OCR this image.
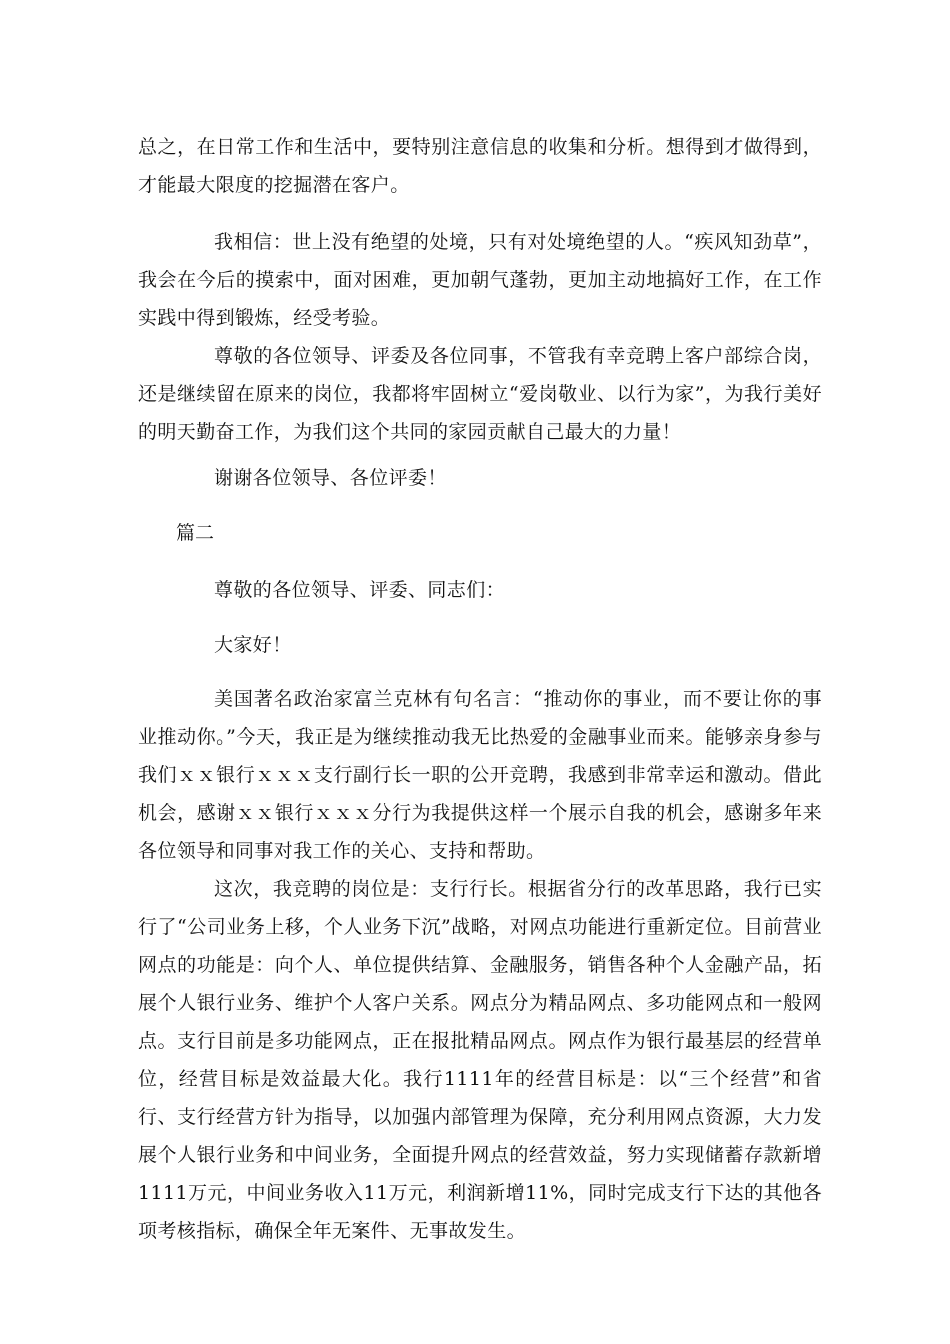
总之，在日常工作和生活中，要特别注意信息的收集和分析。想得到才做得到，才能最大限度的挖掘潜在客户。

我相信：世上没有绝望的处境，只有对处境绝望的人。“疾风知劲草”，我会在今后的摸索中，面对困难，更加朝气蓬勃，更加主动地搞好工作，在工作实践中得到锻炼，经受考验。

尊敬的各位领导、评委及各位同事，不管我有幸竞聘上客户部综合岗，还是继续留在原来的岗位，我都将牢固树立“爱岗敬业、以行为家”，为我行美好的明天勤奋工作，为我们这个共同的家园贡献自己最大的力量！

谢谢各位领导、各位评委！

篇二

尊敬的各位领导、评委、同志们：

大家好！

美国著名政治家富兰克林有句名言：“推动你的事业，而不要让你的事业推动你。”今天，我正是为继续推动我无比热爱的金融事业而来。能够亲身参与我们ｘｘ银行ｘｘｘ支行副行长一职的公开竞聘，我感到非常幸运和激动。借此机会，感谢ｘｘ银行ｘｘｘ分行为我提供这样一个展示自我的机会，感谢多年来各位领导和同事对我工作的关心、支持和帮助。

这次，我竞聘的岗位是：支行行长。根据省分行的改革思路，我行已实行了“公司业务上移，个人业务下沉”战略，对网点功能进行重新定位。目前营业网点的功能是：向个人、单位提供结算、金融服务，销售各种个人金融产品，拓展个人银行业务、维护个人客户关系。网点分为精品网点、多功能网点和一般网点。支行目前是多功能网点，正在报批精品网点。网点作为银行最基层的经营单位，经营目标是效益最大化。我行1111年的经营目标是：以“三个经营”和省行、支行经营方针为指导，以加强内部管理为保障，充分利用网点资源，大力发展个人银行业务和中间业务，全面提升网点的经营效益，努力实现储蓄存款新增1111万元，中间业务收入11万元，利润新增11%，同时完成支行下达的其他各项考核指标，确保全年无案件、无事故发生。
